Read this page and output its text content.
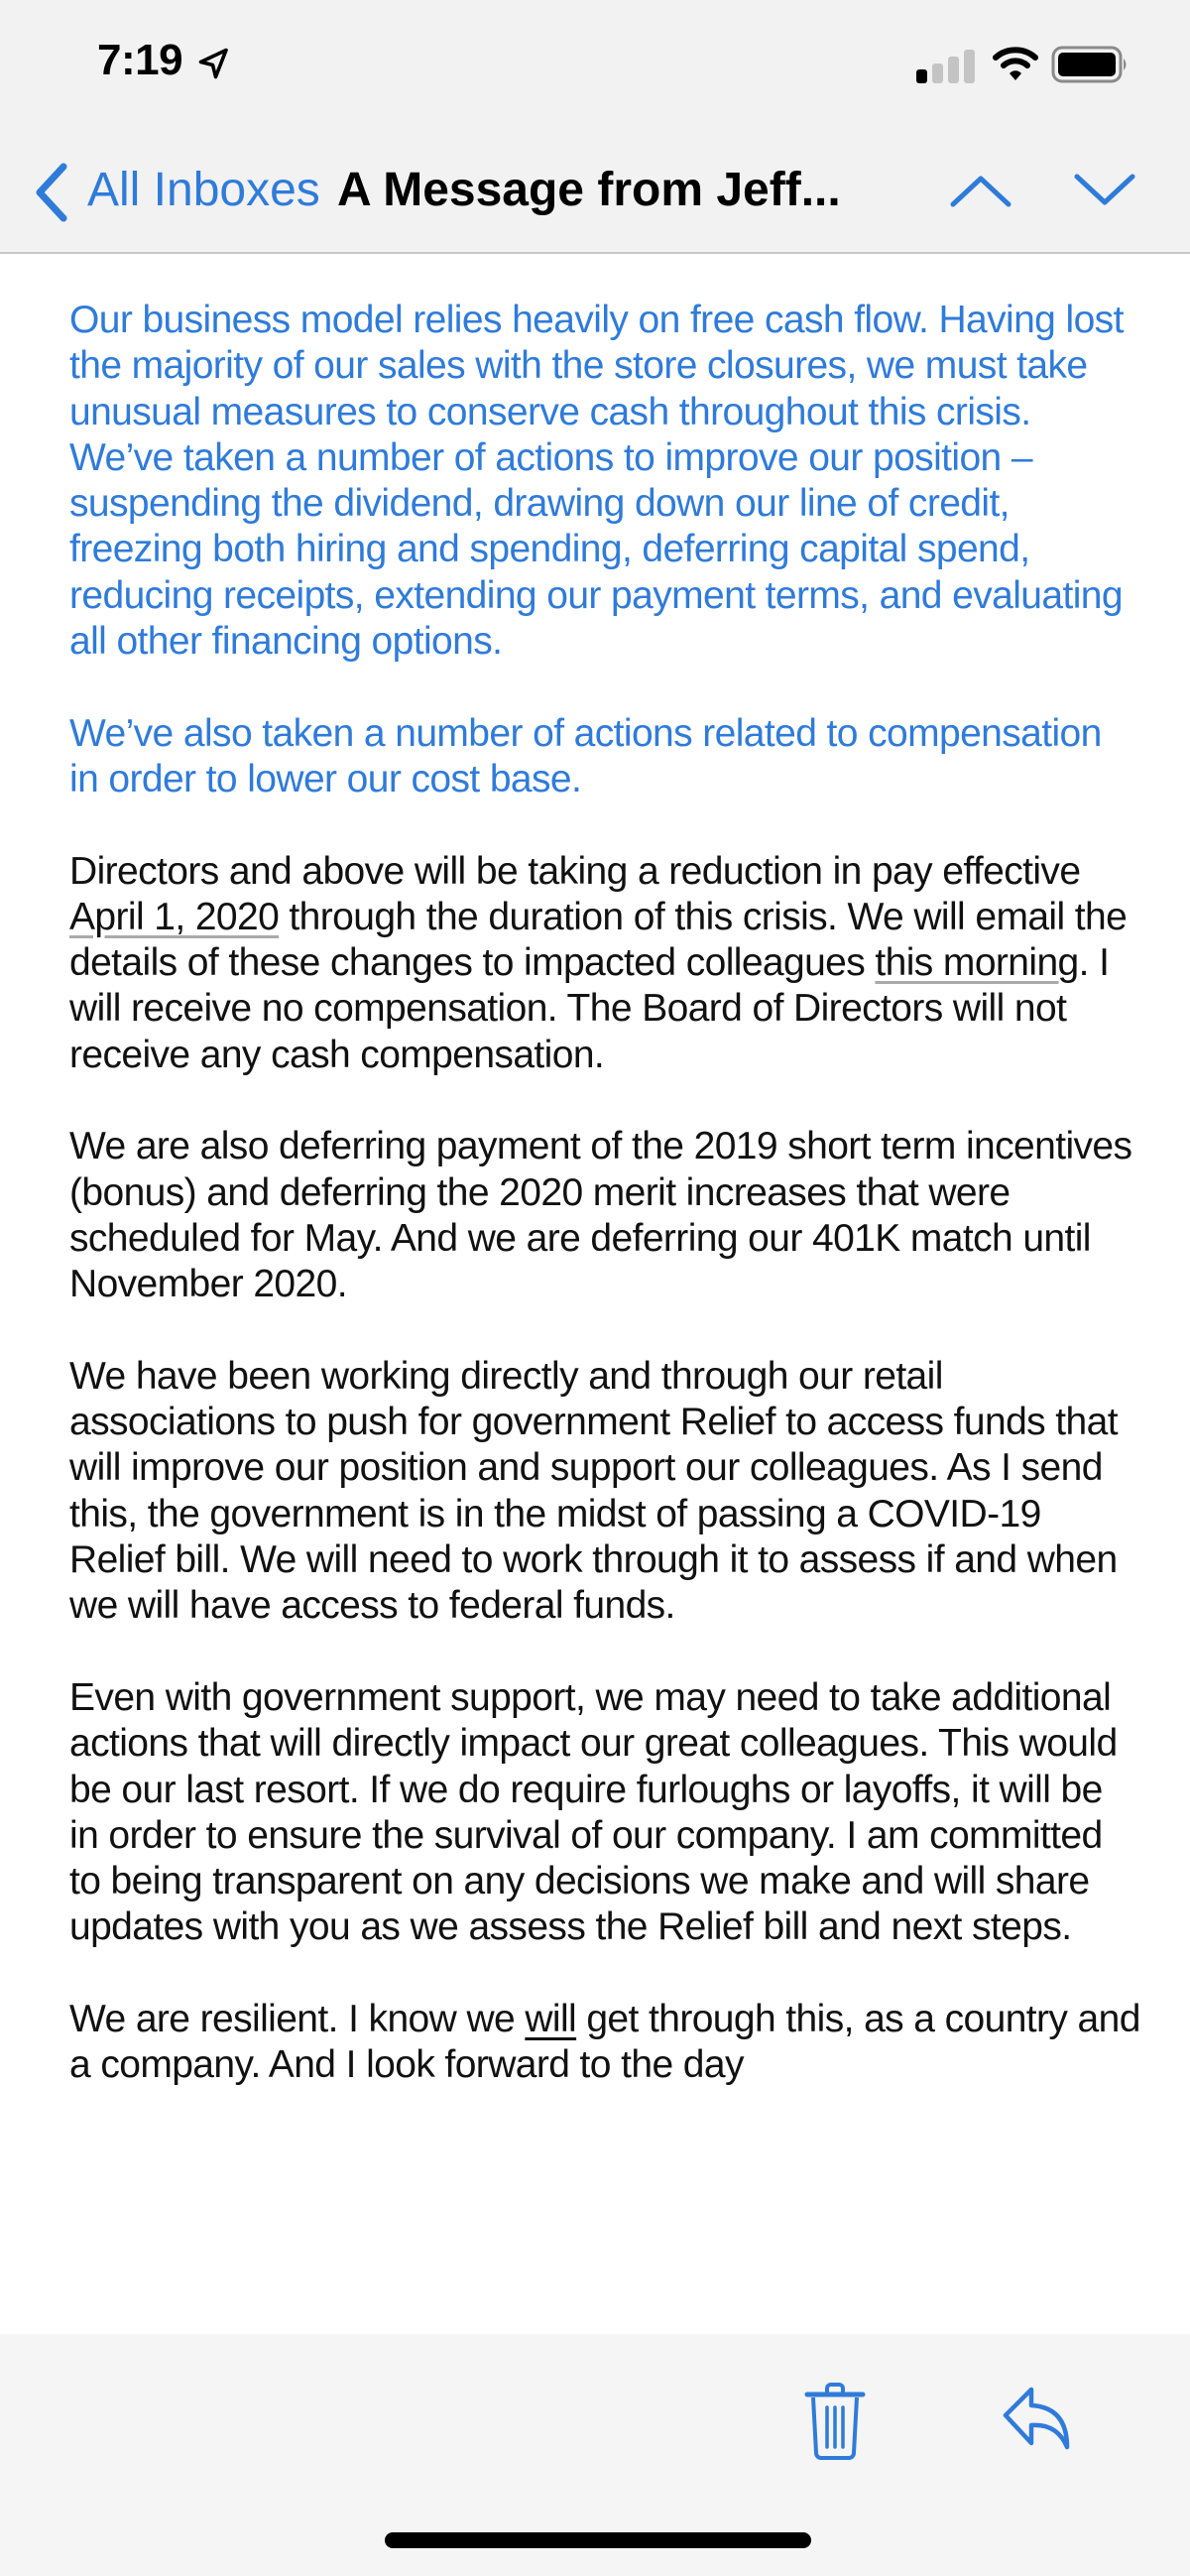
7:19
All Inboxes A Message from Jeff...

Our business model relies heavily on free cash flow. Having lost the majority of our sales with the store closures, we must take unusual measures to conserve cash throughout this crisis. We’ve taken a number of actions to improve our position – suspending the dividend, drawing down our line of credit, freezing both hiring and spending, deferring capital spend, reducing receipts, extending our payment terms, and evaluating all other financing options.

We’ve also taken a number of actions related to compensation in order to lower our cost base.

Directors and above will be taking a reduction in pay effective April 1, 2020 through the duration of this crisis. We will email the details of these changes to impacted colleagues this morning. I will receive no compensation. The Board of Directors will not receive any cash compensation.

We are also deferring payment of the 2019 short term incentives (bonus) and deferring the 2020 merit increases that were scheduled for May. And we are deferring our 401K match until November 2020.

We have been working directly and through our retail associations to push for government Relief to access funds that will improve our position and support our colleagues. As I send this, the government is in the midst of passing a COVID-19 Relief bill. We will need to work through it to assess if and when we will have access to federal funds.

Even with government support, we may need to take additional actions that will directly impact our great colleagues. This would be our last resort. If we do require furloughs or layoffs, it will be in order to ensure the survival of our company. I am committed to being transparent on any decisions we make and will share updates with you as we assess the Relief bill and next steps.

We are resilient. I know we will get through this, as a country and a company. And I look forward to the day
